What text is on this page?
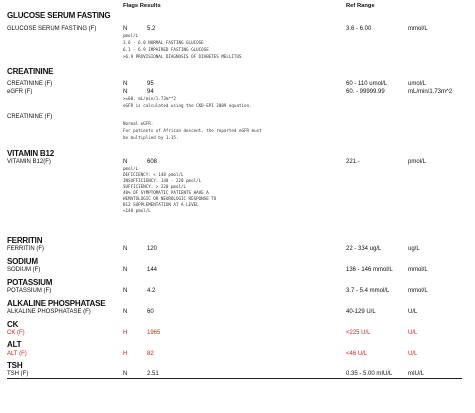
Flags Results	Ref Range
GLUCOSE SERUM FASTING
CREATININE
VITAMIN B12
FERRITIN
SODIUM
POTASSIUM
ALKALINE PHOSPHATASE
CK
ALT
TSH
GLUCOSE SERUM FASTING (F)	N	5.2	3.6 - 6.00	mmol/L
CREATININE (F)	N	95	60 - 110 umol/L	umol/L
eGFR (F)	N	94	60. - 99999.99	mL/min/1.73m^2
CREATININE (F)
VITAMIN B12(F)	N	608	221.-	pmol/L
FERRITIN (F)	N	120	22 - 334 ug/L	ug/L
SODIUM (F)	N	144	136 - 146 mmol/L	mmol/L
POTASSIUM (F)	N	4.2	3.7 - 5.4 mmol/L	mmol/L
ALKALINE PHOSPHATASE (F)	N	60	40-129 U/L	U/L
CK (F)	H	1965	<225 U/L	U/L
ALT (F)	H	82	<46 U/L	U/L
TSH (F)	N	2.51	0.35 - 5.00 mIU/L	mIU/L
pmol/L
3.6 - 6.0 NORMAL FASTING GLUCOSE
6.1 - 6.9 IMPAIRED FASTING GLUCOSE
>6.9 PROVISIONAL DIAGNOSIS OF DIABETES MELLITUS
>=60. mL/min/1.73m**2
eGFR is calculated using the CKD-EPI 2009 equation.
Normal eGFR.
For patients of African descent, the reported eGFR must
be multiplied by 1.15.
pmol/L
DEFICIENCY: < 148 pmol/L
INSUFFICIENCY: 148 - 220 pmol/L
SUFFICIENCY: > 220 pmol/L
40% OF SYMPTOMATIC PATIENTS HAVE A
HEMATOLOGIC OR NEUROLOGIC RESPONSE TO
B12 SUPPLEMENTATION AT A LEVEL
<148 pmol/L
